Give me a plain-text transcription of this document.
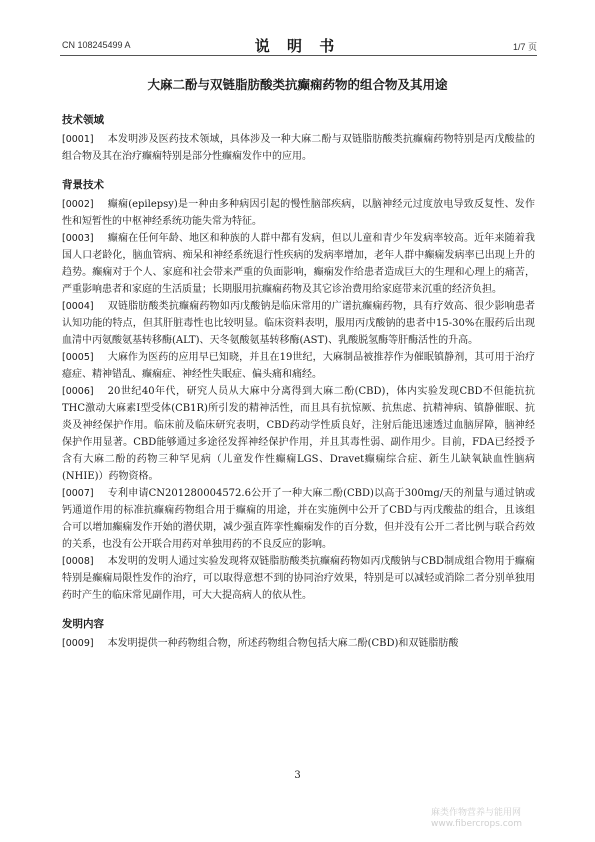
CN 108245499 A	说 明 书	1/7 页
大麻二酚与双链脂肪酸类抗癫痫药物的组合物及其用途
技术领域

[0001] 本发明涉及医药技术领域，具体涉及一种大麻二酚与双链脂肪酸类抗癫痫药物特别是丙戊酸盐的组合物及其在治疗癫痫特别是部分性癫痫发作中的应用。

背景技术

[0002] 癫痫(epilepsy)是一种由多种病因引起的慢性脑部疾病，以脑神经元过度放电导致反复性、发作性和短暂性的中枢神经系统功能失常为特征。

[0003] 癫痫在任何年龄、地区和种族的人群中都有发病，但以儿童和青少年发病率较高。近年来随着我国人口老龄化，脑血管病、痴呆和神经系统退行性疾病的发病率增加，老年人群中癫痫发病率已出现上升的趋势。癫痫对于个人、家庭和社会带来严重的负面影响，癫痫发作给患者造成巨大的生理和心理上的痛苦，严重影响患者和家庭的生活质量；长期服用抗癫痫药物及其它诊治费用给家庭带来沉重的经济负担。

[0004] 双链脂肪酸类抗癫痫药物如丙戊酸钠是临床常用的广谱抗癫痫药物，具有疗效高、很少影响患者认知功能的特点，但其肝脏毒性也比较明显。临床资料表明，服用丙戊酸钠的患者中15-30%在服药后出现血清中丙氨酸氨基转移酶(ALT)、天冬氨酸氨基转移酶(AST)、乳酸脱氢酶等肝酶活性的升高。

[0005] 大麻作为医药的应用早已知晓，并且在19世纪，大麻制品被推荐作为催眠镇静剂，其可用于治疗癔症、精神错乱、癫痫症、神经性失眠症、偏头痛和痛经。

[0006] 20世纪40年代，研究人员从大麻中分离得到大麻二酚(CBD)，体内实验发现CBD不但能抗抗THC激动大麻素I型受体(CB1R)所引发的精神活性，而且具有抗惊厥、抗焦虑、抗精神病、镇静催眠、抗炎及神经保护作用。临床前及临床研究表明，CBD药动学性质良好，注射后能迅速透过血脑屏障，脑神经保护作用显著。CBD能够通过多途径发挥神经保护作用，并且其毒性弱、副作用少。目前，FDA已经授予含有大麻二酚的药物三种罕见病（儿童发作性癫痫LGS、Dravet癫痫综合症、新生儿缺氧缺血性脑病(NHIE)）药物资格。

[0007] 专利申请CN201280004572.6公开了一种大麻二酚(CBD)以高于300mg/天的剂量与通过钠或钙通道作用的标准抗癫痫药物组合用于癫痫的用途，并在实施例中公开了CBD与丙戊酸盐的组合，且该组合可以增加癫痫发作开始的潜伏期，减少强直阵挛性癫痫发作的百分数，但并没有公开二者比例与联合药效的关系，也没有公开联合用药对单独用药的不良反应的影响。

[0008] 本发明的发明人通过实验发现将双链脂肪酸类抗癫痫药物如丙戊酸钠与CBD制成组合物用于癫痫特别是癫痫局限性发作的治疗，可以取得意想不到的协同治疗效果，特别是可以减轻或消除二者分别单独用药时产生的临床常见副作用，可大大提高病人的依从性。

发明内容

[0009] 本发明提供一种药物组合物，所述药物组合物包括大麻二酚(CBD)和双链脂肪酸

3
麻类作物营养与能用网
www.fibercrops.com
